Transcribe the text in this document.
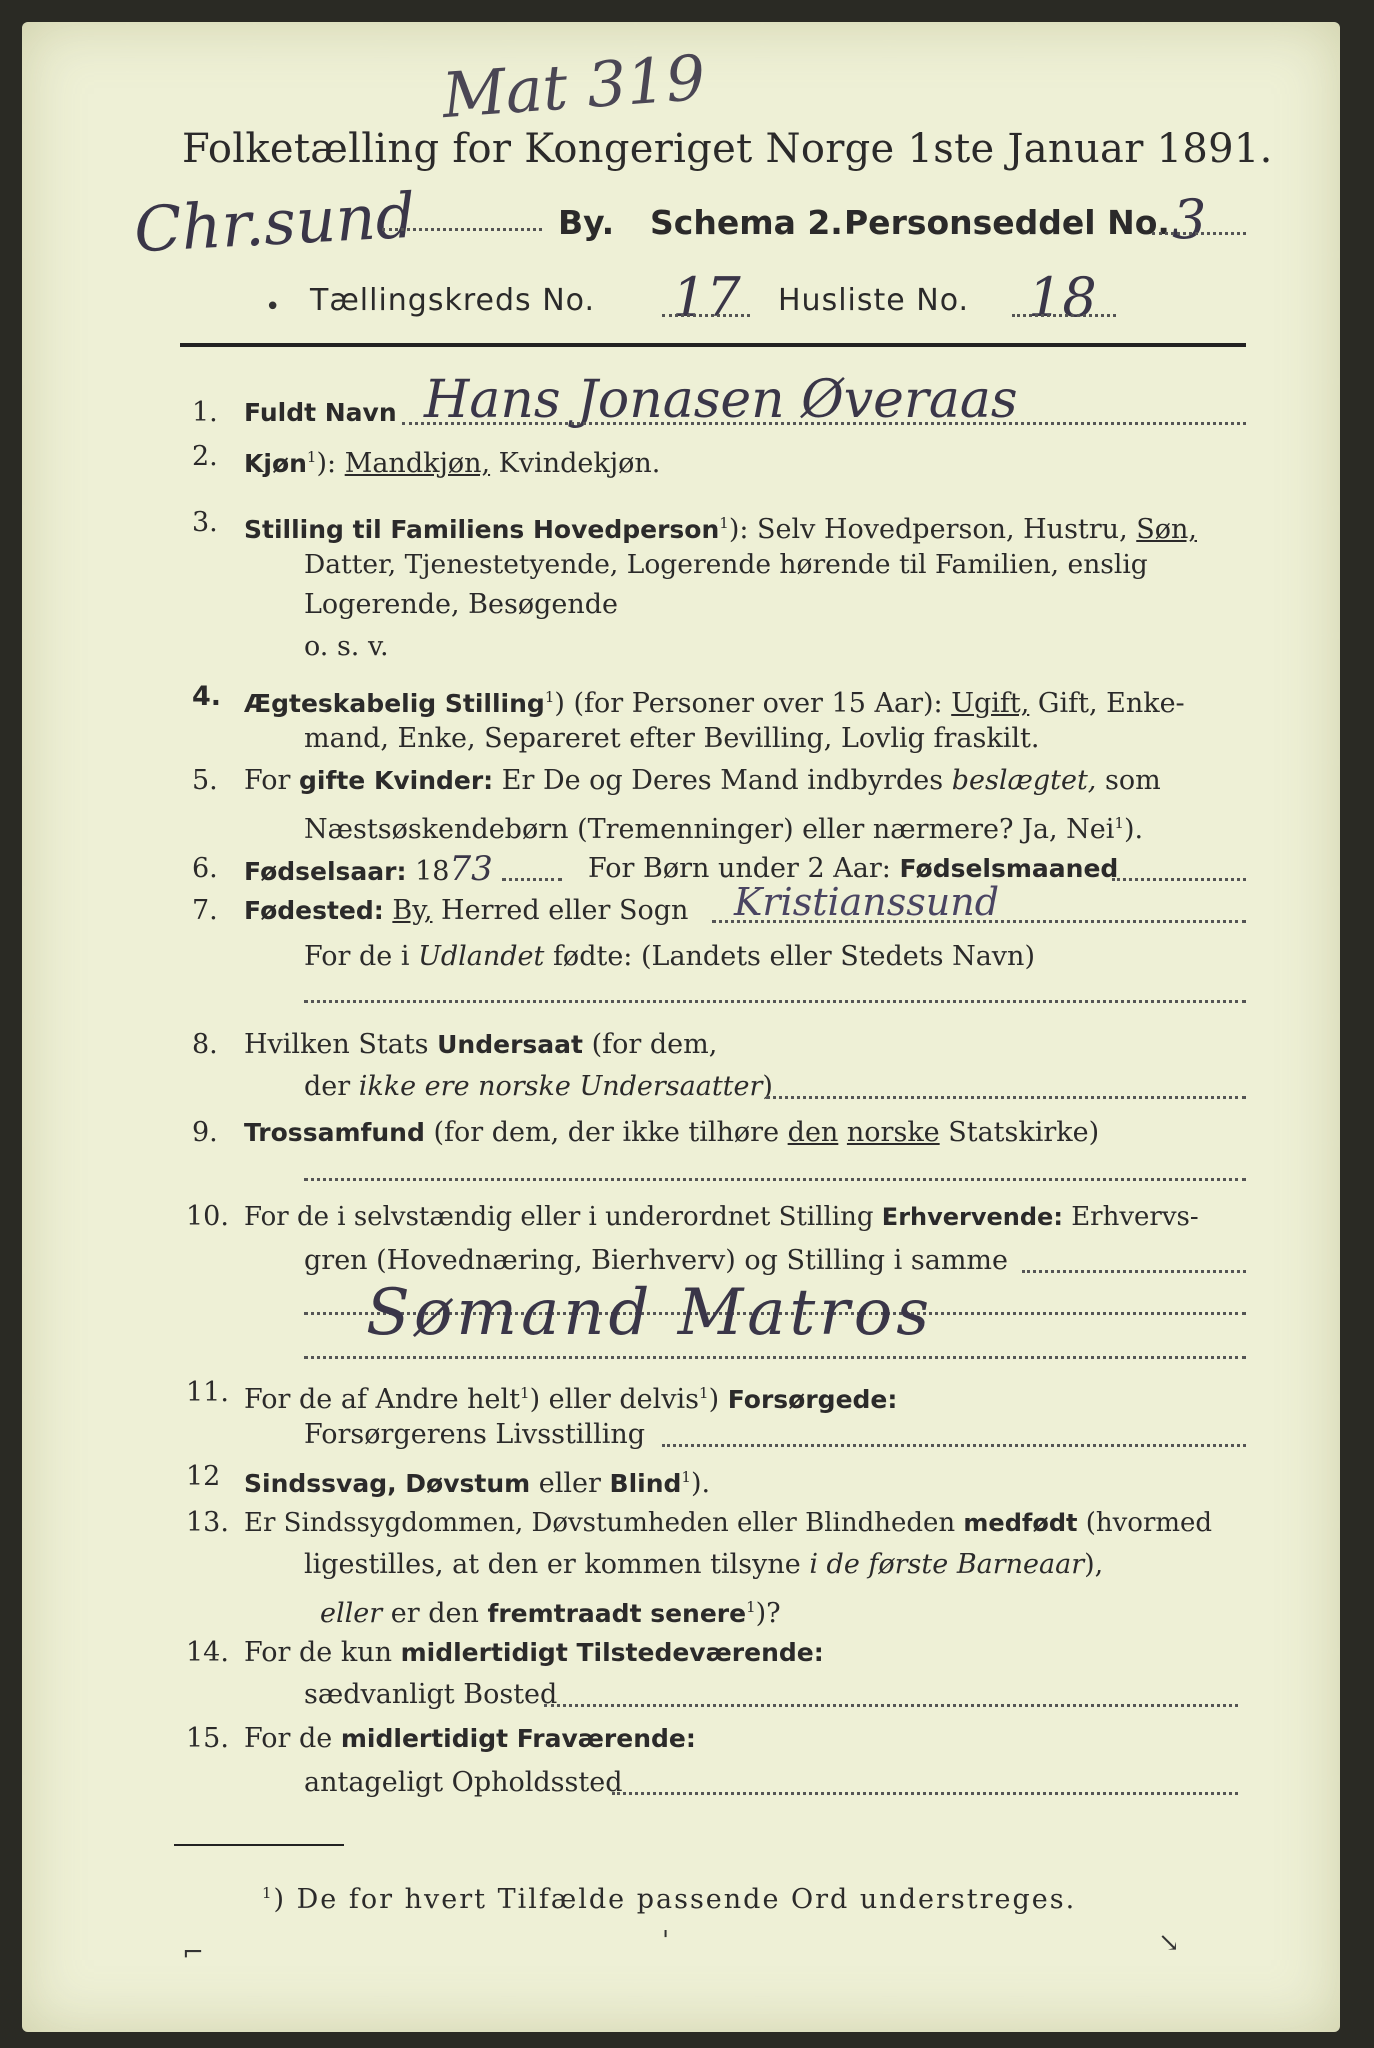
Mat 319
Folketælling for Kongeriget Norge 1ste Januar 1891.
Chr.sund	By. Schema 2. Personseddel No. 3
• Tællingskreds No. 17 Husliste No. 18
1. Fuldt Navn Hans Jonasen Øveraas
2. Kjøn$^1$): Mandkjøn, Kvindekjøn.
3. Stilling til Familiens Hovedperson$^1$): Selv Hovedperson, Hustru, Søn,
Datter, Tjenestetyende, Logerende hørende til Familien, enslig
Logerende, Besøgende
o. s. v.
4. Ægteskabelig Stilling$^1$) (for Personer over 15 Aar): Ugift, Gift, Enke-
mand, Enke, Separeret efter Bevilling, Lovlig fraskilt.
5. For gifte Kvinder: Er De og Deres Mand indbyrdes beslægtet, som
Næstsøskendebørn (Tremenninger) eller nærmere? Ja, Nei$^1$).
6. Fødselsaar: 1873	For Børn under 2 Aar: Fødselsmaaned
7. Fødested: By, Herred eller Sogn Kristianssund
For de i Udlandet fødte: (Landets eller Stedets Navn)
8. Hvilken Stats Undersaat (for dem,
der ikke ere norske Undersaatter)
9. Trossamfund (for dem, der ikke tilhøre den norske Statskirke)
10. For de i selvstændig eller i underordnet Stilling Erhvervende: Erhvervs-
gren (Hovednæring, Bierhverv) og Stilling i samme
Sømand Matros
11. For de af Andre helt$^1$) eller delvis$^1$) Forsørgede:
Forsørgerens Livsstilling
12 Sindssvag, Døvstum eller Blind$^1$).
13. Er Sindssygdommen, Døvstumheden eller Blindheden medfødt (hvormed
ligestilles, at den er kommen tilsyne i de første Barneaar),
eller er den fremtraadt senere$^1$)?
14. For de kun midlertidigt Tilstedeværende:
sædvanligt Bosted
15. For de midlertidigt Fraværende:
antageligt Opholdssted
$^1$) De for hvert Tilfælde passende Ord understreges.
⌐	'	↘
